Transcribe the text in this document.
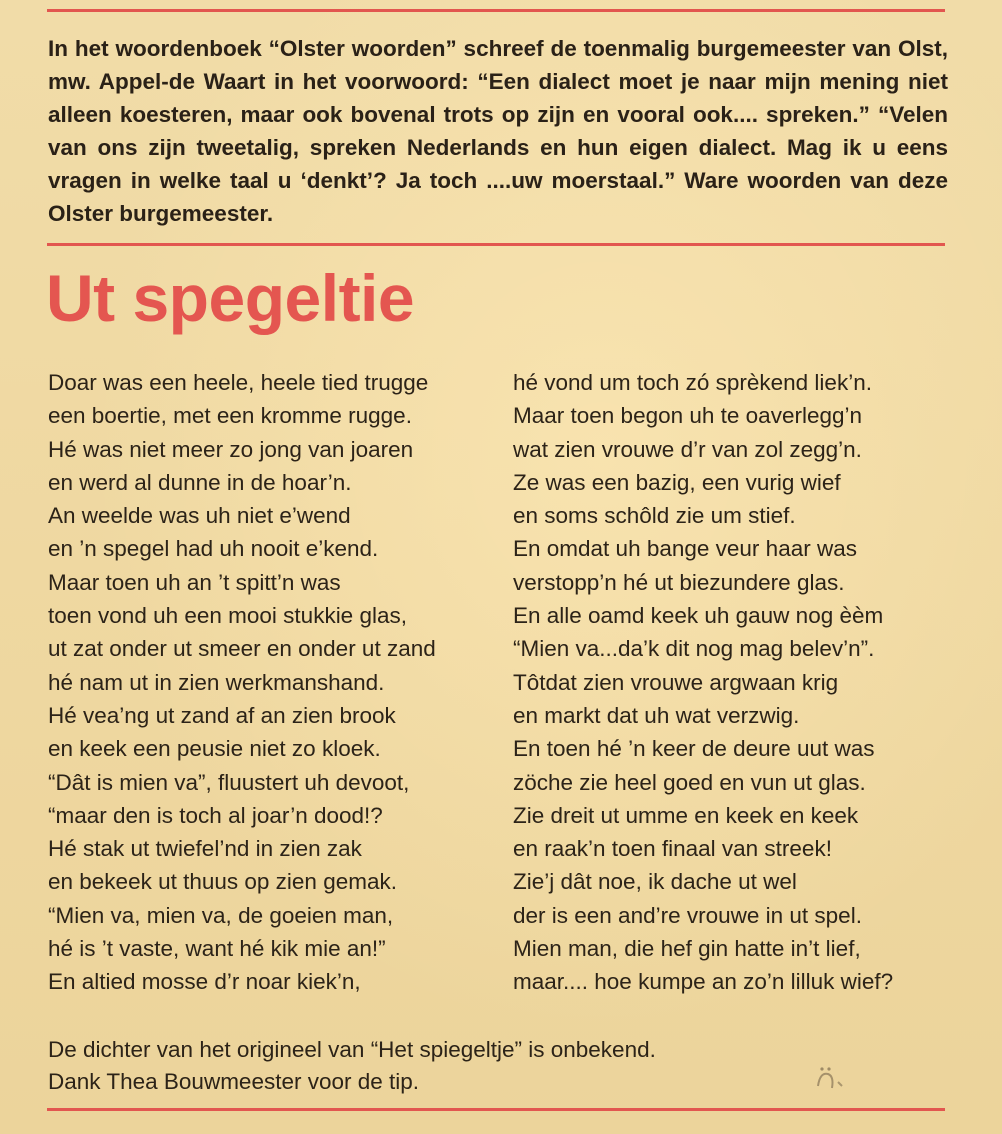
In het woordenboek “Olster woorden” schreef de toenmalig burgemeester van Olst, mw. Appel-de Waart in het voorwoord: “Een dialect moet je naar mijn mening niet alleen koesteren, maar ook bovenal trots op zijn en vooral ook.... spreken.” “Velen van ons zijn tweetalig, spreken Nederlands en hun eigen dialect. Mag ik u eens vragen in welke taal u ‘denkt’? Ja toch ....uw moerstaal.” Ware woorden van deze Olster burgemeester.

Ut spegeltie
Doar was een heele, heele tied trugge
een boertie, met een kromme rugge.
Hé was niet meer zo jong van joaren
en werd al dunne in de hoar’n.
An weelde was uh niet e’wend
en ’n spegel had uh nooit e’kend.
Maar toen uh an ’t spitt’n was
toen vond uh een mooi stukkie glas,
ut zat onder ut smeer en onder ut zand
hé nam ut in zien werkmanshand.
Hé vea’ng ut zand af an zien brook
en keek een peusie niet zo kloek.
“Dât is mien va”, fluustert uh devoot,
“maar den is toch al joar’n dood!?
Hé stak ut twiefel’nd in zien zak
en bekeek ut thuus op zien gemak.
“Mien va, mien va, de goeien man,
hé is ’t vaste, want hé kik mie an!”
En altied mosse d’r noar kiek’n,
hé vond um toch zó sprèkend liek’n.
Maar toen begon uh te oaverlegg’n
wat zien vrouwe d’r van zol zegg’n.
Ze was een bazig, een vurig wief
en soms schôld zie um stief.
En omdat uh bange veur haar was
verstopp’n hé ut biezundere glas.
En alle oamd keek uh gauw nog èèm
“Mien va...da’k dit nog mag belev’n”.
Tôtdat zien vrouwe argwaan krig
en markt dat uh wat verzwig.
En toen hé ’n keer de deure uut was
zöche zie heel goed en vun ut glas.
Zie dreit ut umme en keek en keek
en raak’n toen finaal van streek!
Zie’j dât noe, ik dache ut wel
der is een and’re vrouwe in ut spel.
Mien man, die hef gin hatte in’t lief,
maar.... hoe kumpe an zo’n lilluk wief?
De dichter van het origineel van “Het spiegeltje” is onbekend.
Dank Thea Bouwmeester voor de tip.
